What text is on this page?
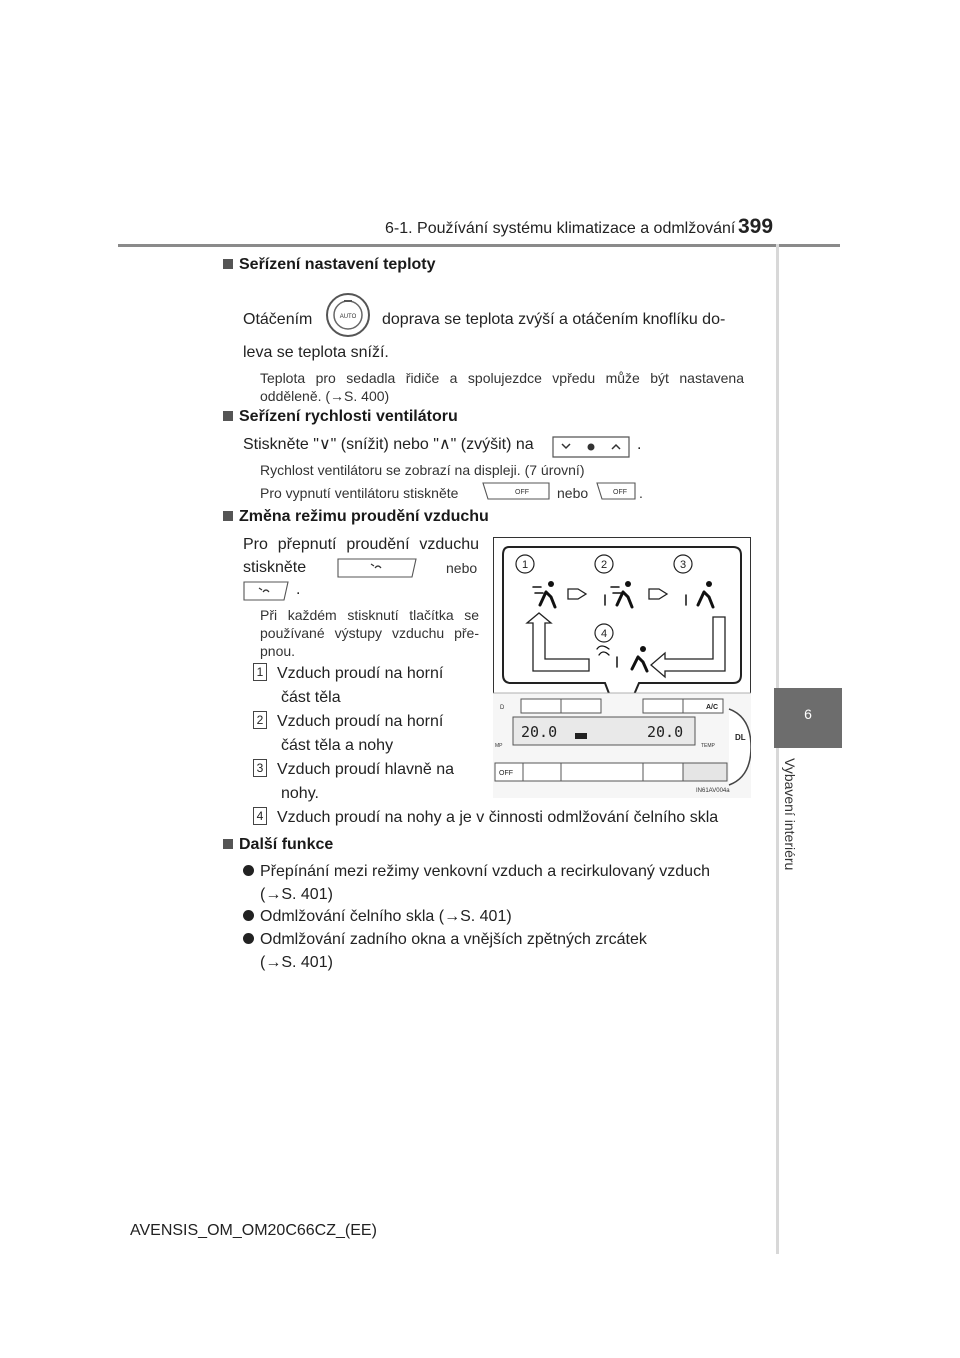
6-1. Používání systému klimatizace a odmlžování 399
6
Vybavení interiéru
Seřízení nastavení teploty
Otáčením	AUTO doprava se teplota zvýší a otáčením knoflíku do-
leva se teplota sníží.
Teplota pro sedadla řidiče a spolujezdce vpředu může být nastavena odděleně. (→S. 400)
Seřízení rychlosti ventilátoru
Stiskněte "∨" (snížit) nebo "∧" (zvýšit) na	.
Rychlost ventilátoru se zobrazí na displeji. (7 úrovní)
Pro vypnutí ventilátoru stiskněte	OFF nebo	OFF .
Změna režimu proudění vzduchu
Pro přepnutí proudění vzduchu
stiskněte	nebo
.
Při každém stisknutí tlačítka se používané výstupy vzduchu pře-pnou.
1 Vzduch proudí na horní
část těla
2 Vzduch proudí na horní
část těla a nohy
3 Vzduch proudí hlavně na
nohy.
4 Vzduch proudí na nohy a je v činnosti odmlžování čelního skla
1	2	3
4
D	A/C
20.0	20.0
MP	TEMP
DL
OFF
IN61AV004a
Další funkce
Přepínání mezi režimy venkovní vzduch a recirkulovaný vzduch
(→S. 401)
Odmlžování čelního skla (→S. 401)
Odmlžování zadního okna a vnějších zpětných zrcátek
(→S. 401)
AVENSIS_OM_OM20C66CZ_(EE)
